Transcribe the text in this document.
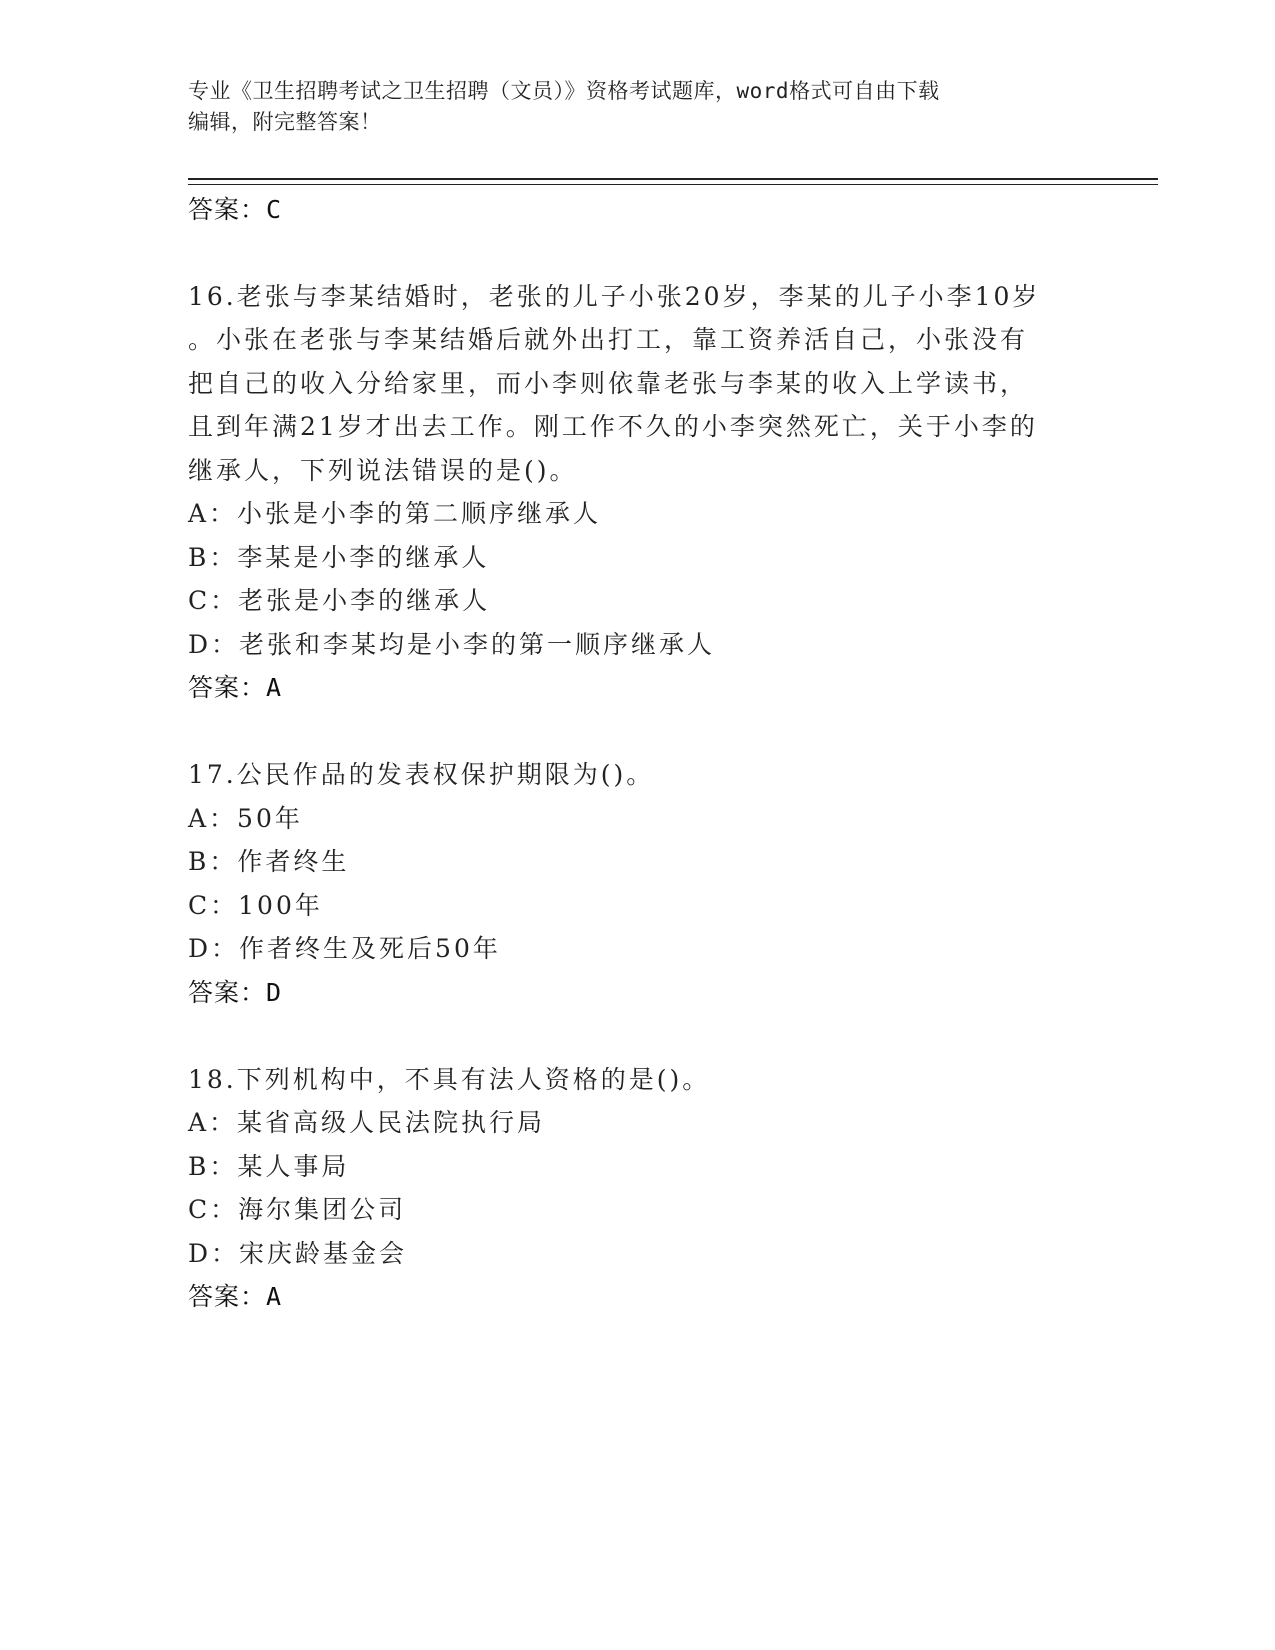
专业《卫生招聘考试之卫生招聘（文员）》资格考试题库，word格式可自由下载
编辑，附完整答案！
答案：C
16.老张与李某结婚时，老张的儿子小张20岁，李某的儿子小李10岁
。小张在老张与李某结婚后就外出打工，靠工资养活自己，小张没有
把自己的收入分给家里，而小李则依靠老张与李某的收入上学读书，
且到年满21岁才出去工作。刚工作不久的小李突然死亡，关于小李的
继承人，下列说法错误的是()。
A：小张是小李的第二顺序继承人
B：李某是小李的继承人
C：老张是小李的继承人
D：老张和李某均是小李的第一顺序继承人
答案：A
17.公民作品的发表权保护期限为()。
A：50年
B：作者终生
C：100年
D：作者终生及死后50年
答案：D
18.下列机构中，不具有法人资格的是()。
A：某省高级人民法院执行局
B：某人事局
C：海尔集团公司
D：宋庆龄基金会
答案：A
